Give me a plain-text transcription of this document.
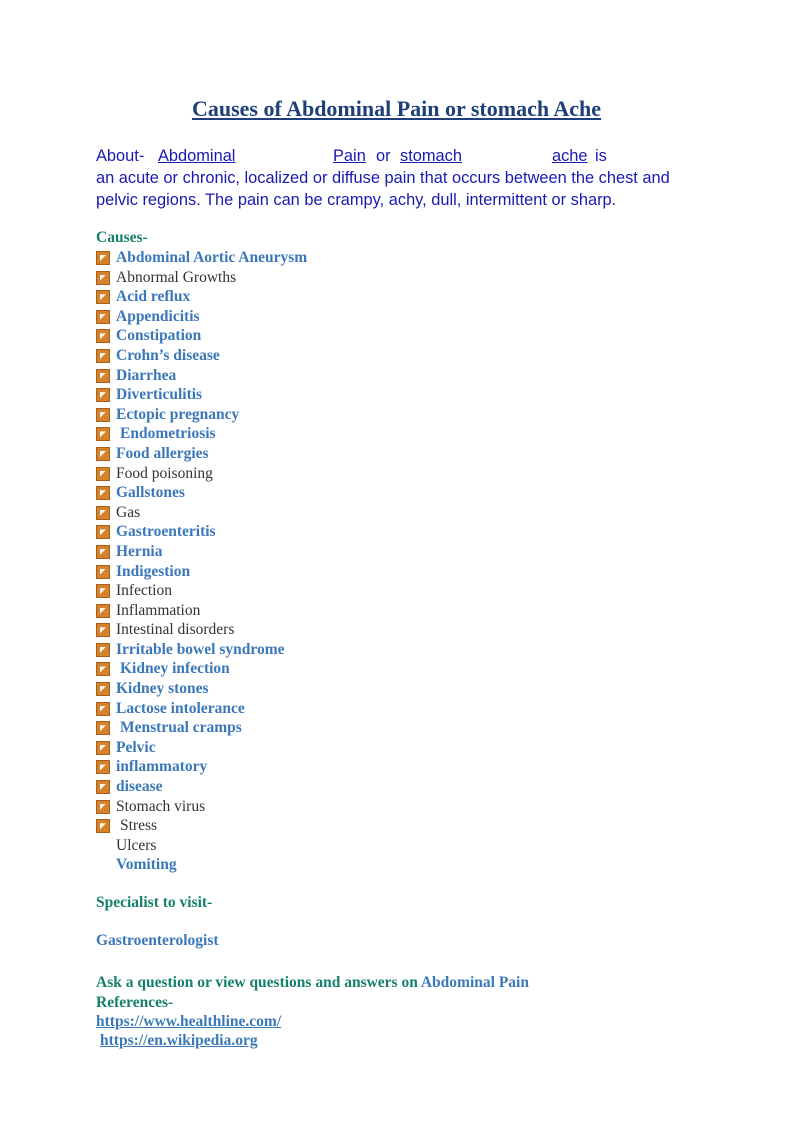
Causes of Abdominal Pain or stomach Ache
About- Abdominal	Pain or stomach	ache is
an acute or chronic, localized or diffuse pain that occurs between the chest and
pelvic regions. The pain can be crampy, achy, dull, intermittent or sharp.
Causes-
Abdominal Aortic Aneurysm
Abnormal Growths
Acid reflux
Appendicitis
Constipation
Crohn’s disease
Diarrhea
Diverticulitis
Ectopic pregnancy
Endometriosis
Food allergies
Food poisoning
Gallstones
Gas
Gastroenteritis
Hernia
Indigestion
Infection
Inflammation
Intestinal disorders
Irritable bowel syndrome
Kidney infection
Kidney stones
Lactose intolerance
Menstrual cramps
Pelvic
inflammatory
disease
Stomach virus
Stress
Ulcers
Vomiting
Specialist to visit-
Gastroenterologist
Ask a question or view questions and answers on Abdominal Pain
References-
https://www.healthline.com/
https://en.wikipedia.org
